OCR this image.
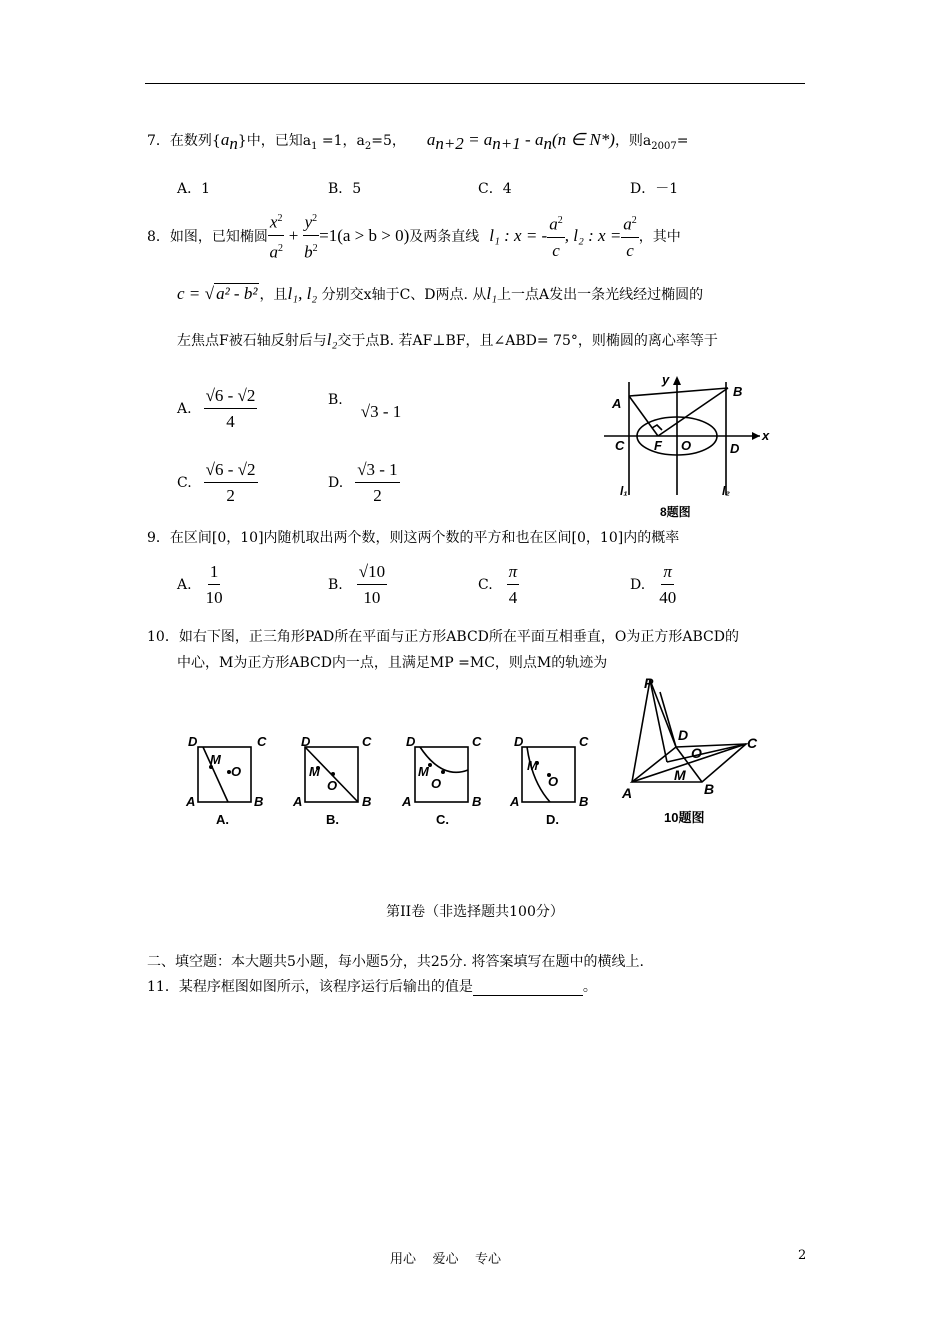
7．在数列$\{a_n\}$中，已知$a_1 =1$，$a_2=5$， $a_{n+2} = a_{n+1} - a_n(n$ ∈ N*)，则$a_{2007}=$
A．1	B．5	C．4	D．－1
8．如图，已知椭圆 $\frac{x^2}{a^2} + \frac{y^2}{b^2} =1(a > b > 0)$ 及两条直线 l₁ : x = - $\frac{a^2}{c}$ , l₂ : $x = \frac{a^2}{c}$ ，其中
c = √ a² - b² ，且l₁, l₂ 分别交x轴于C、D两点. 从l₁上一点A发出一条光线经过椭圆的
左焦点F被石轴反射后与l₂交于点B. 若AF⊥BF，且∠ABD= 75°，则椭圆的离心率等于
A. $\frac{√6 - √2}{4}$	B.
√3 - 1
C. $\frac{√6 - √2}{2}$	D. $\frac{√3 - 1}{2}$
y
x
A
B
C	D
F O
l₁	l₂
8题图
9．在区间[0，10]内随机取出两个数，则这两个数的平方和也在区间[0，10]内的概率
A. $\frac{1}{10}$	B. $\frac{√10}{10}$	C. $\frac{\pi}{4}$	D. $\frac{\pi}{40}$
10．如右下图，正三角形PAD所在平面与正方形ABCD所在平面互相垂直，O为正方形ABCD的
中心，M为正方形ABCD内一点，且满足MP =MC，则点M的轨迹为
D	C
M
O
A	B
A.
D	C
M
O
A	B
B.
D	C
M
O
A	B
C.
D	C
M
O
A	B
D.
P
D
O
C
M
A	B
10题图
第II卷（非选择题共100分）
二、填空题：本大题共5小题，每小题5分，共25分. 将答案填写在题中的横线上.
11．某程序框图如图所示，该程序运行后输出的值是	。
用心    爱心    专心	2
